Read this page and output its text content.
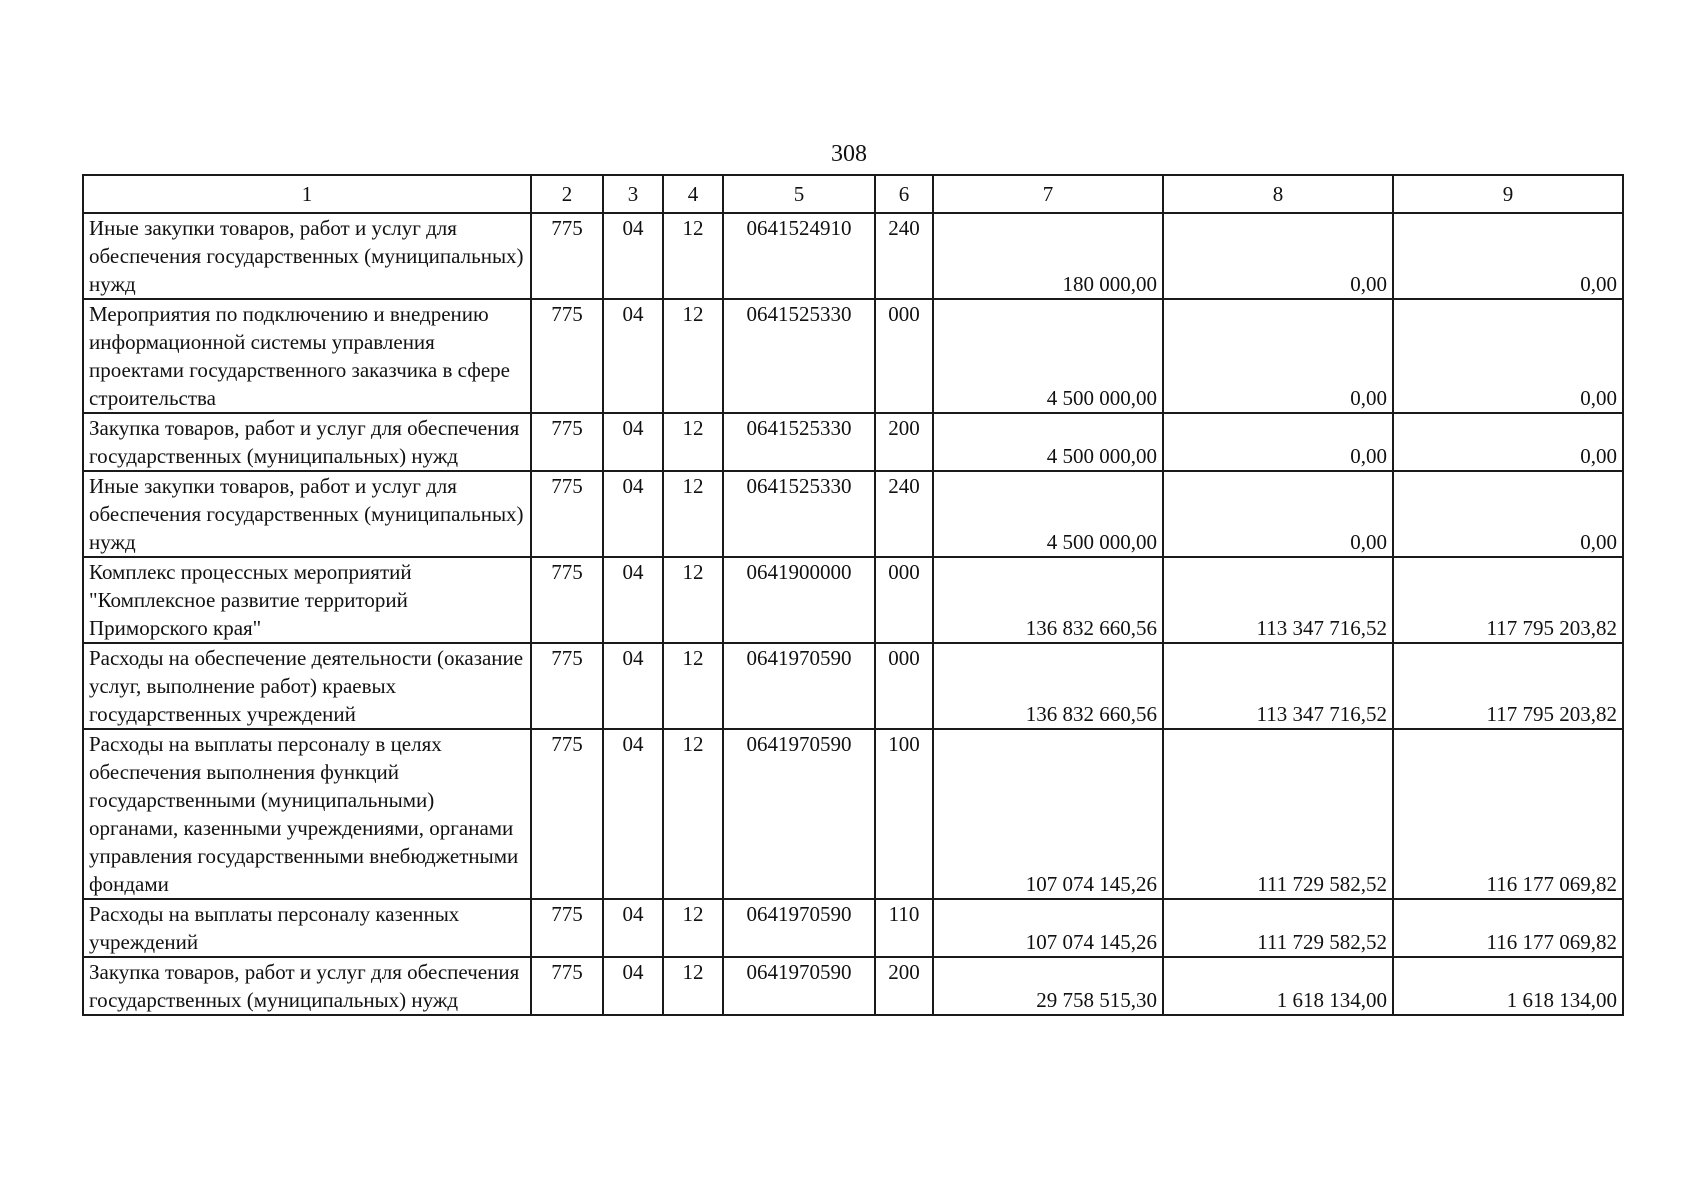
308
1	2	3	4	5	6	7	8	9
Иные закупки товаров, работ и услуг для обеспечения государственных (муниципальных) нужд	775	04	12	0641524910	240	180 000,00	0,00	0,00
Мероприятия по подключению и внедрению информационной системы управления проектами государственного заказчика в сфере строительства	775	04	12	0641525330	000	4 500 000,00	0,00	0,00
Закупка товаров, работ и услуг для обеспечения государственных (муниципальных) нужд	775	04	12	0641525330	200	4 500 000,00	0,00	0,00
Иные закупки товаров, работ и услуг для обеспечения государственных (муниципальных) нужд	775	04	12	0641525330	240	4 500 000,00	0,00	0,00
Комплекс процессных мероприятий "Комплексное развитие территорий Приморского края"	775	04	12	0641900000	000	136 832 660,56	113 347 716,52	117 795 203,82
Расходы на обеспечение деятельности (оказание услуг, выполнение работ) краевых государственных учреждений	775	04	12	0641970590	000	136 832 660,56	113 347 716,52	117 795 203,82
Расходы на выплаты персоналу в целях обеспечения выполнения функций государственными (муниципальными) органами, казенными учреждениями, органами управления государственными внебюджетными фондами	775	04	12	0641970590	100	107 074 145,26	111 729 582,52	116 177 069,82
Расходы на выплаты персоналу казенных учреждений	775	04	12	0641970590	110	107 074 145,26	111 729 582,52	116 177 069,82
Закупка товаров, работ и услуг для обеспечения государственных (муниципальных) нужд	775	04	12	0641970590	200	29 758 515,30	1 618 134,00	1 618 134,00
